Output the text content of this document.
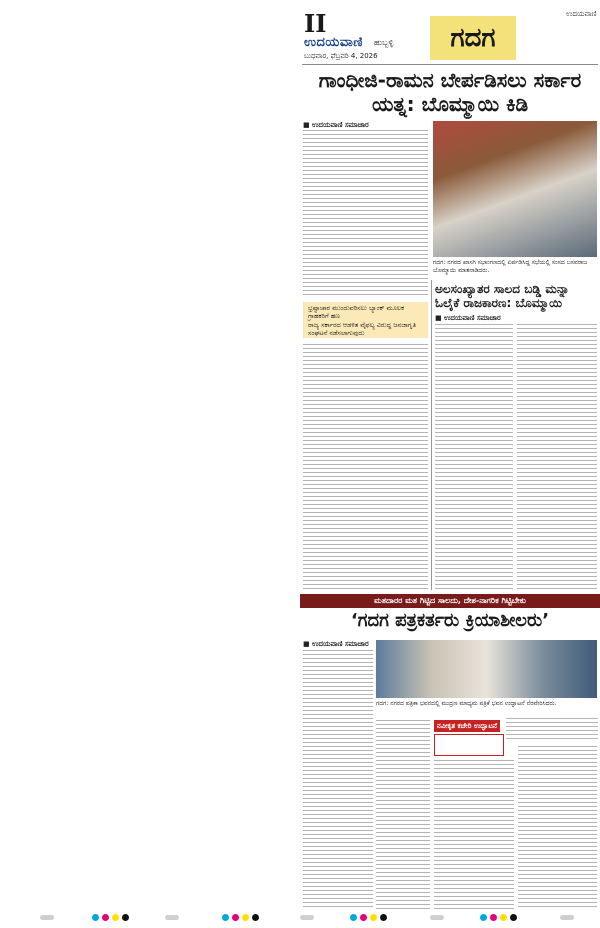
II
ಉದಯವಾಣಿ ಹುಬ್ಬಳ್ಳಿ
ಬುಧವಾರ, ಫೆಬ್ರವರಿ 4, 2026
ಗದಗ
ಉದಯವಾಣಿ
ಗಾಂಧೀಜಿ-ರಾಮನ ಬೇರ್ಪಡಿಸಲು ಸರ್ಕಾರ ಯತ್ನ: ಬೊಮ್ಮಾಯಿ ಕಿಡಿ
■ ಉದಯವಾಣಿ ಸಮಾಚಾರ
ಗದಗ: ನಗರದ ಖಾಸಗಿ ಸಭಾಂಗಣದಲ್ಲಿ ಏರ್ಪಡಿಸಿದ್ದ ಸಭೆಯಲ್ಲಿ ಸಂಸದ ಬಸವರಾಜ ಬೊಮ್ಮಾಯಿ ಮಾತನಾಡಿದರು.
ಭ್ರಷ್ಟಾಚಾರ ಮುಂದುವರಿಸಲು ಬ್ಯಾಂಕ್ ಮೂಲಕ ಗ್ರಾಹಕರಿಗೆ ಹಣ
ರಾಜ್ಯ ಸರ್ಕಾರದ ಆಡಳಿತ ವೈಫಲ್ಯ ವಿರುದ್ಧ ಜನಜಾಗೃತಿ ಸಂಘಟನೆ ನಡೆಸಲಾಗುವುದು
ಅಲಸಂಖ್ಯಾತರ ಸಾಲದ ಬಡ್ಡಿ ಮನ್ನಾ ಓಲೈಕೆ ರಾಜಕಾರಣ: ಬೊಮ್ಮಾಯಿ
■ ಉದಯವಾಣಿ ಸಮಾಚಾರ
ಮತದಾರರ ಮತ ಗಿಟ್ಟಿದ ಸಾಲದು, ದೇಶ-ನಾಗರಿಕ ಗಿಟ್ಟಿಬೇಕು
‘ಗದಗ ಪತ್ರಕರ್ತರು ಕ್ರಿಯಾಶೀಲರು’
■ ಉದಯವಾಣಿ ಸಮಾಚಾರ
ಗದಗ: ನಗರದ ಪತ್ರಿಕಾ ಭವನದಲ್ಲಿ ಮುದ್ರಣ ಮಾಧ್ಯಮ ಪತ್ರಿಕೆ ಭವನ ಉದ್ಘಾಟನೆ ನೆರವೇರಿಸಿದರು.
ನವೀಕೃತ ಕಚೇರಿ ಉದ್ಘಾಟನೆ
